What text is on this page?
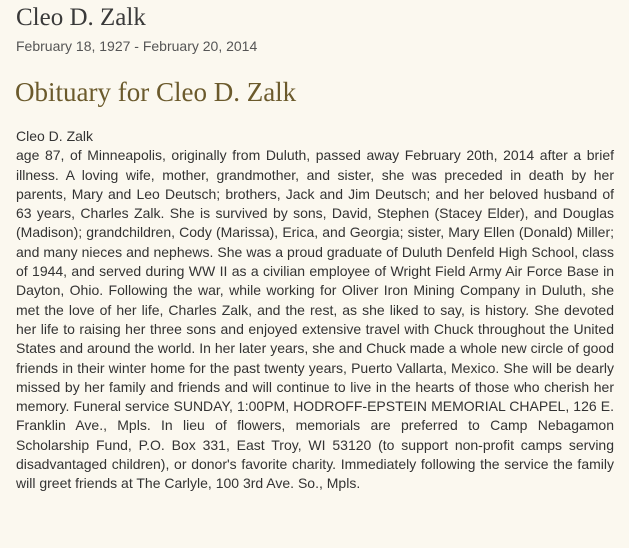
Cleo D. Zalk

February 18, 1927 - February 20, 2014

Obituary for Cleo D. Zalk
Cleo D. Zalk
age 87, of Minneapolis, originally from Duluth, passed away February 20th, 2014 after a brief illness. A loving wife, mother, grandmother, and sister, she was preceded in death by her parents, Mary and Leo Deutsch; brothers, Jack and Jim Deutsch; and her beloved husband of 63 years, Charles Zalk. She is survived by sons, David, Stephen (Stacey Elder), and Douglas (Madison); grandchildren, Cody (Marissa), Erica, and Georgia; sister, Mary Ellen (Donald) Miller; and many nieces and nephews. She was a proud graduate of Duluth Denfeld High School, class of 1944, and served during WW II as a civilian employee of Wright Field Army Air Force Base in Dayton, Ohio. Following the war, while working for Oliver Iron Mining Company in Duluth, she met the love of her life, Charles Zalk, and the rest, as she liked to say, is history. She devoted her life to raising her three sons and enjoyed extensive travel with Chuck throughout the United States and around the world. In her later years, she and Chuck made a whole new circle of good friends in their winter home for the past twenty years, Puerto Vallarta, Mexico. She will be dearly missed by her family and friends and will continue to live in the hearts of those who cherish her memory. Funeral service SUNDAY, 1:00PM, HODROFF-EPSTEIN MEMORIAL CHAPEL, 126 E. Franklin Ave., Mpls. In lieu of flowers, memorials are preferred to Camp Nebagamon Scholarship Fund, P.O. Box 331, East Troy, WI 53120 (to support non-profit camps serving disadvantaged children), or donor's favorite charity. Immediately following the service the family will greet friends at The Carlyle, 100 3rd Ave. So., Mpls.
